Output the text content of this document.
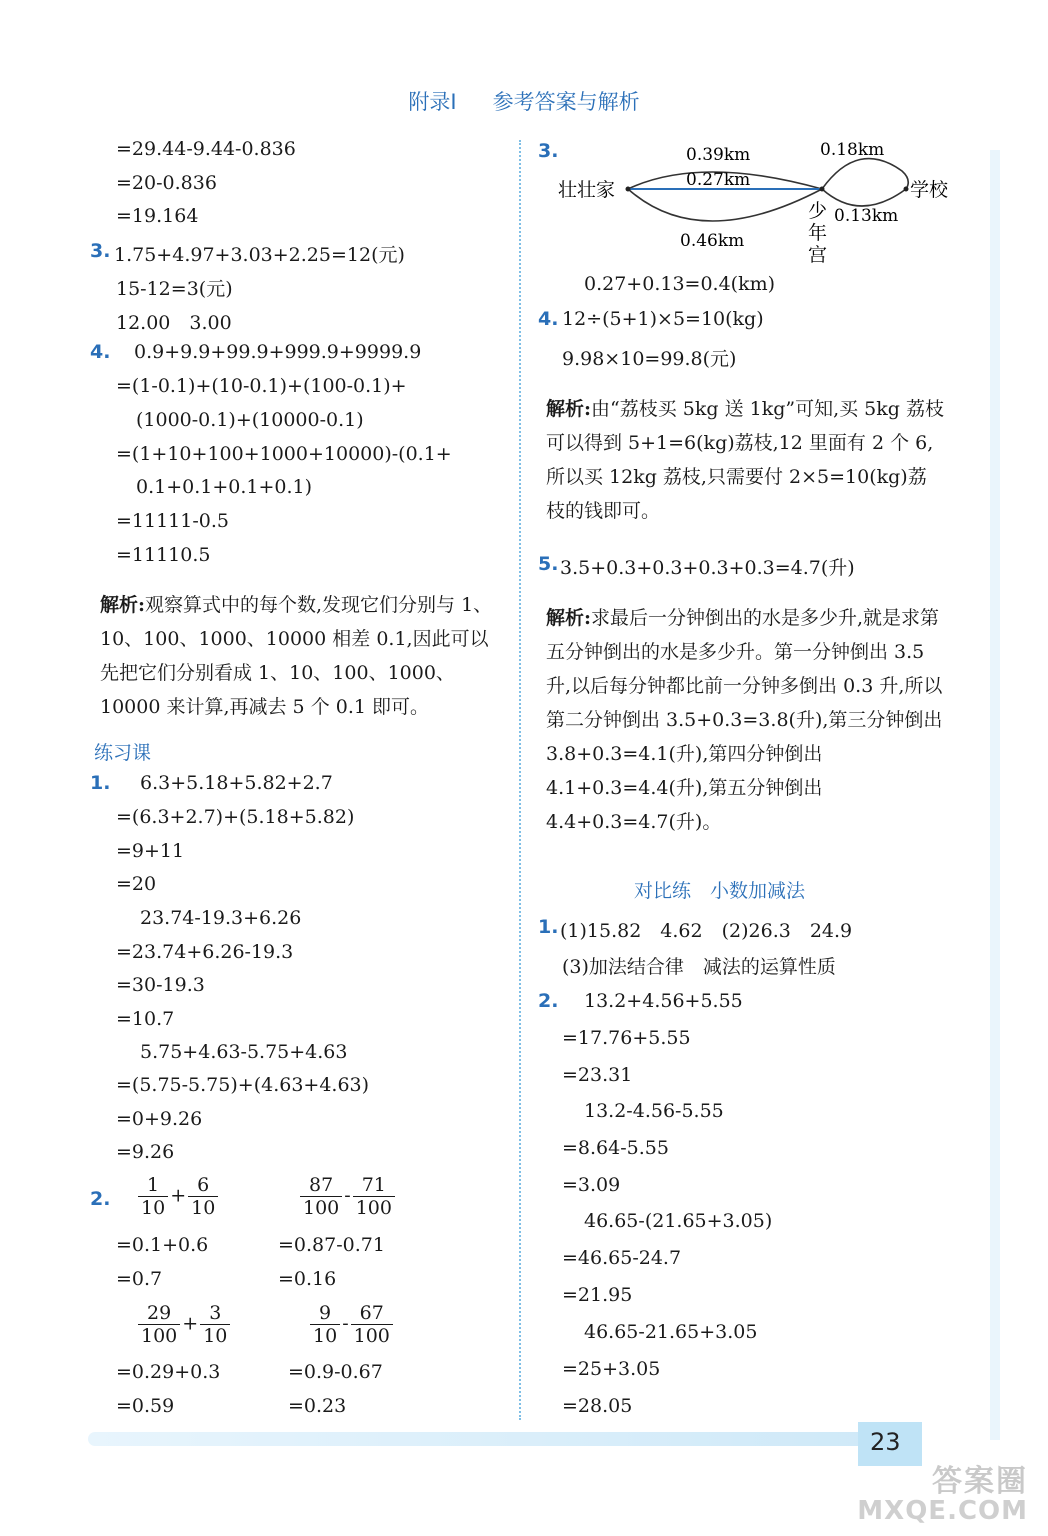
附录Ⅰ 参考答案与解析
=29.44-9.44-0.836
=20-0.836
=19.164
3. 1.75+4.97+3.03+2.25=12(元)
15-12=3(元)
12.00　3.00
4. 0.9+9.9+99.9+999.9+9999.9
=(1-0.1)+(10-0.1)+(100-0.1)+
(1000-0.1)+(10000-0.1)
=(1+10+100+1000+10000)-(0.1+
0.1+0.1+0.1+0.1)
=11111-0.5
=11110.5
解析:观察算式中的每个数,发现它们分别与 1、10、100、1000、10000 相差 0.1,因此可以先把它们分别看成 1、10、100、1000、10000 来计算,再减去 5 个 0.1 即可。
练习课
1. 6.3+5.18+5.82+2.7
=(6.3+2.7)+(5.18+5.82)
=9+11
=20
23.74-19.3+6.26
=23.74+6.26-19.3
=30-19.3
=10.7
5.75+4.63-5.75+4.63
=(5.75-5.75)+(4.63+4.63)
=0+9.26
=9.26
2. $\frac{1}{10} + \frac{6}{10}$
=0.1+0.6
=0.7
$\frac{87}{100} - \frac{71}{100}$
=0.87-0.71
=0.16
$\frac{29}{100} + \frac{3}{10}$
=0.29+0.3
=0.59
$\frac{9}{10} - \frac{67}{100}$
=0.9-0.67
=0.23
3.
壮壮家	学校
少
年
宫
0.39km
0.27km
0.46km
0.18km
0.13km
0.27+0.13=0.4(km)
4. 12÷(5+1)×5=10(kg)
9.98×10=99.8(元)
解析:由“荔枝买 5kg 送 1kg”可知,买 5kg 荔枝可以得到 5+1=6(kg)荔枝,12 里面有 2 个 6,所以买 12kg 荔枝,只需要付 2×5=10(kg)荔枝的钱即可。
5. 3.5+0.3+0.3+0.3+0.3=4.7(升)
解析:求最后一分钟倒出的水是多少升,就是求第五分钟倒出的水是多少升。第一分钟倒出 3.5 升,以后每分钟都比前一分钟多倒出 0.3 升,所以第二分钟倒出 3.5+0.3=3.8(升),第三分钟倒出3.8+0.3=4.1(升),第四分钟倒出 4.1+0.3=4.4(升),第五分钟倒出 4.4+0.3=4.7(升)。
对比练　小数加减法
1. (1)15.82　4.62　(2)26.3　24.9
(3)加法结合律　减法的运算性质
2. 13.2+4.56+5.55
=17.76+5.55
=23.31
13.2-4.56-5.55
=8.64-5.55
=3.09
46.65-(21.65+3.05)
=46.65-24.7
=21.95
46.65-21.65+3.05
=25+3.05
=28.05
23
答案圈
MXQE.COM
